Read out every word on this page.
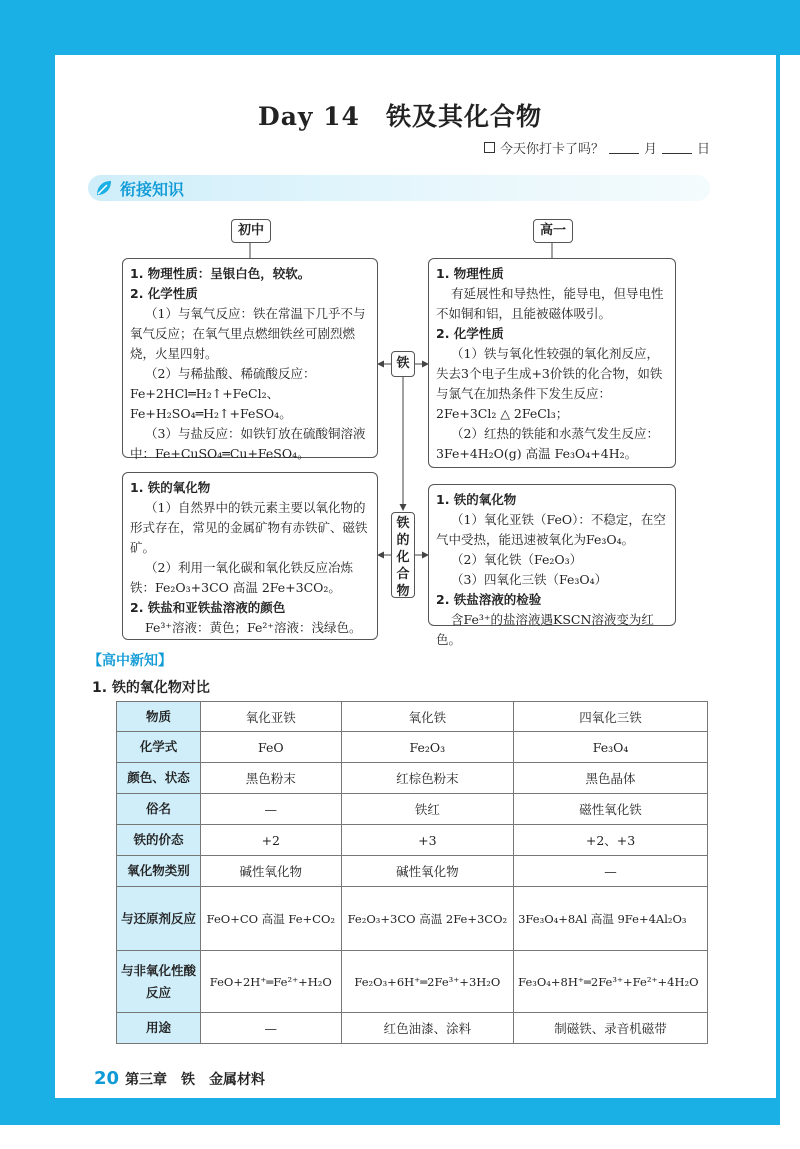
Day 14　铁及其化合物
今天你打卡了吗？	月	日
衔接知识
初中	高一
1. 物理性质：呈银白色，较软。
2. 化学性质
（1）与氧气反应：铁在常温下几乎不与氧气反应；在氧气里点燃细铁丝可剧烈燃烧，火星四射。
（2）与稀盐酸、稀硫酸反应：Fe+2HCl═H₂↑+FeCl₂、Fe+H₂SO₄═H₂↑+FeSO₄。
（3）与盐反应：如铁钉放在硫酸铜溶液中：Fe+CuSO₄═Cu+FeSO₄。
铁
1. 物理性质
有延展性和导热性，能导电，但导电性不如铜和铝，且能被磁体吸引。
2. 化学性质
（1）铁与氧化性较强的氧化剂反应，失去3个电子生成+3价铁的化合物，如铁与氯气在加热条件下发生反应：
2Fe+3Cl₂ △ 2FeCl₃；
（2）红热的铁能和水蒸气发生反应：
3Fe+4H₂O(g) 高温 Fe₃O₄+4H₂。
1. 铁的氧化物
（1）自然界中的铁元素主要以氧化物的形式存在，常见的金属矿物有赤铁矿、磁铁矿。
（2）利用一氧化碳和氧化铁反应冶炼铁：Fe₂O₃+3CO 高温 2Fe+3CO₂。
2. 铁盐和亚铁盐溶液的颜色
Fe³⁺溶液：黄色；Fe²⁺溶液：浅绿色。
铁的化合物
1. 铁的氧化物
（1）氧化亚铁（FeO）：不稳定，在空气中受热，能迅速被氧化为Fe₃O₄。
（2）氧化铁（Fe₂O₃）
（3）四氧化三铁（Fe₃O₄）
2. 铁盐溶液的检验
含Fe³⁺的盐溶液遇KSCN溶液变为红色。
【高中新知】
1. 铁的氧化物对比
物质	氧化亚铁	氧化铁	四氧化三铁
化学式	FeO	Fe₂O₃	Fe₃O₄
颜色、状态	黑色粉末	红棕色粉末	黑色晶体
俗名	—	铁红	磁性氧化铁
铁的价态	+2	+3	+2、+3
氧化物类别	碱性氧化物	碱性氧化物	—
与还原剂反应	FeO+CO 高温 Fe+CO₂	Fe₂O₃+3CO 高温 2Fe+3CO₂	3Fe₃O₄+8Al 高温 9Fe+4Al₂O₃
与非氧化性酸反应	FeO+2H⁺═Fe²⁺+H₂O	Fe₂O₃+6H⁺═2Fe³⁺+3H₂O	Fe₃O₄+8H⁺═2Fe³⁺+Fe²⁺+4H₂O
用途	—	红色油漆、涂料	制磁铁、录音机磁带
20 第三章　铁　金属材料
